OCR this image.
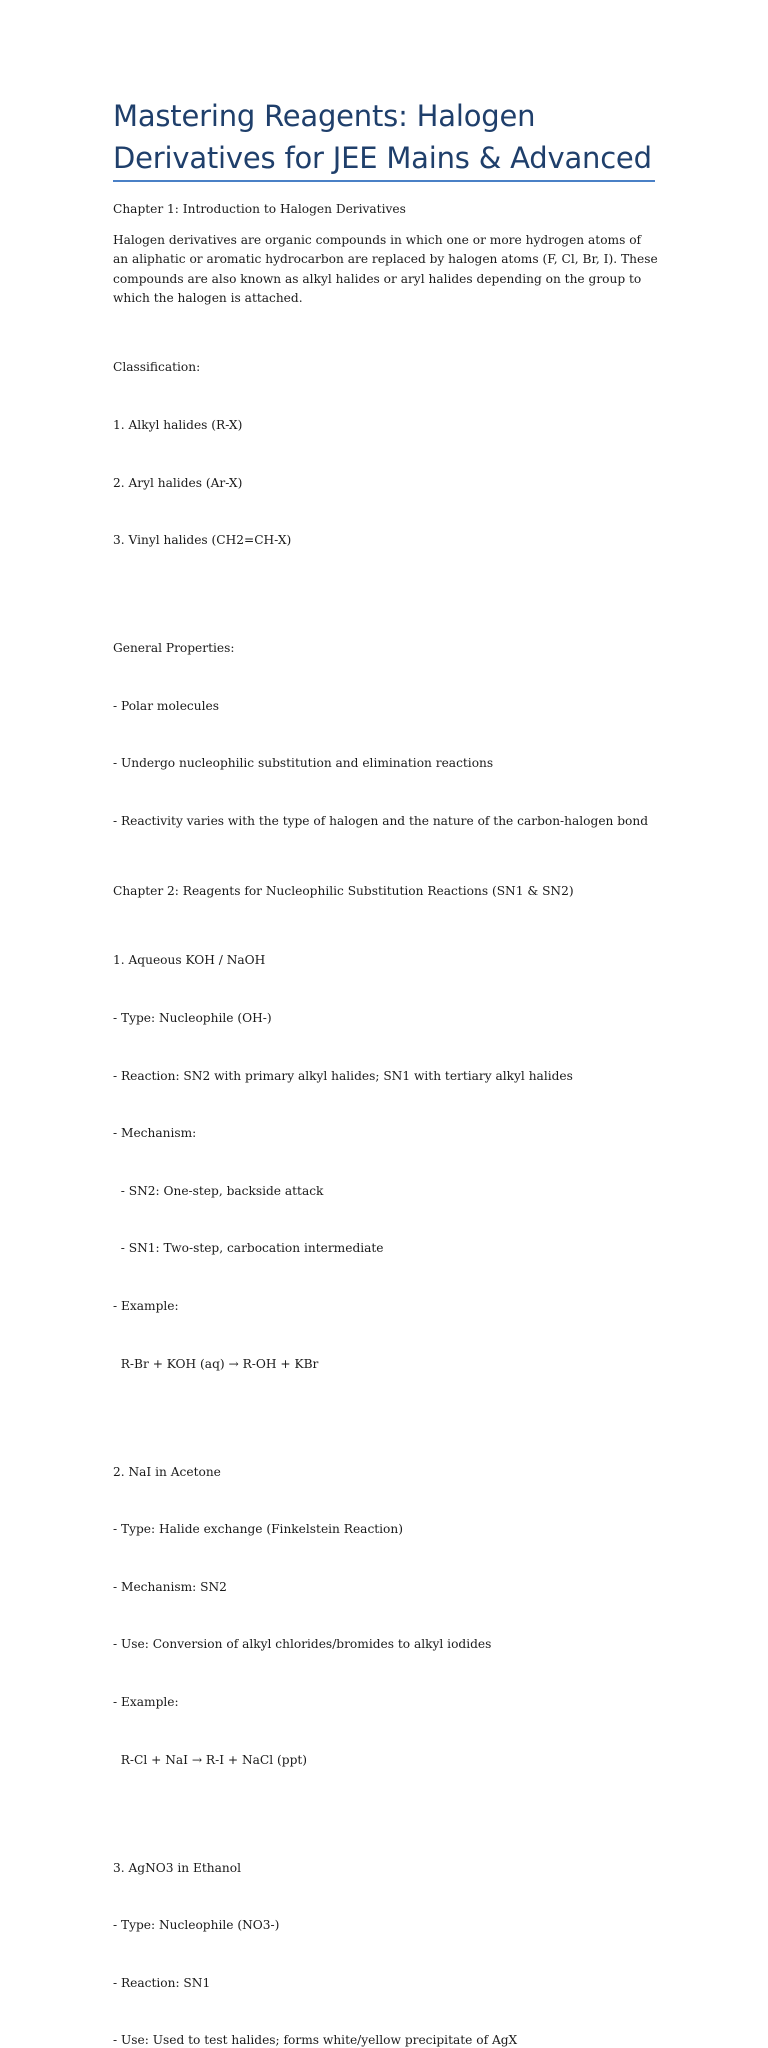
Mastering Reagents: Halogen Derivatives for JEE Mains & Advanced

Chapter 1: Introduction to Halogen Derivatives

Halogen derivatives are organic compounds in which one or more hydrogen atoms of an aliphatic or aromatic hydrocarbon are replaced by halogen atoms (F, Cl, Br, I). These compounds are also known as alkyl halides or aryl halides depending on the group to which the halogen is attached.

Classification:

1. Alkyl halides (R-X)

2. Aryl halides (Ar-X)

3. Vinyl halides (CH2=CH-X)

General Properties:

- Polar molecules

- Undergo nucleophilic substitution and elimination reactions

- Reactivity varies with the type of halogen and the nature of the carbon-halogen bond

Chapter 2: Reagents for Nucleophilic Substitution Reactions (SN1 & SN2)

1. Aqueous KOH / NaOH

- Type: Nucleophile (OH-)

- Reaction: SN2 with primary alkyl halides; SN1 with tertiary alkyl halides

- Mechanism:

- SN2: One-step, backside attack

- SN1: Two-step, carbocation intermediate

- Example:

R-Br + KOH (aq) → R-OH + KBr

2. NaI in Acetone

- Type: Halide exchange (Finkelstein Reaction)

- Mechanism: SN2

- Use: Conversion of alkyl chlorides/bromides to alkyl iodides

- Example:

R-Cl + NaI → R-I + NaCl (ppt)

3. AgNO3 in Ethanol

- Type: Nucleophile (NO3-)

- Reaction: SN1

- Use: Used to test halides; forms white/yellow precipitate of AgX
